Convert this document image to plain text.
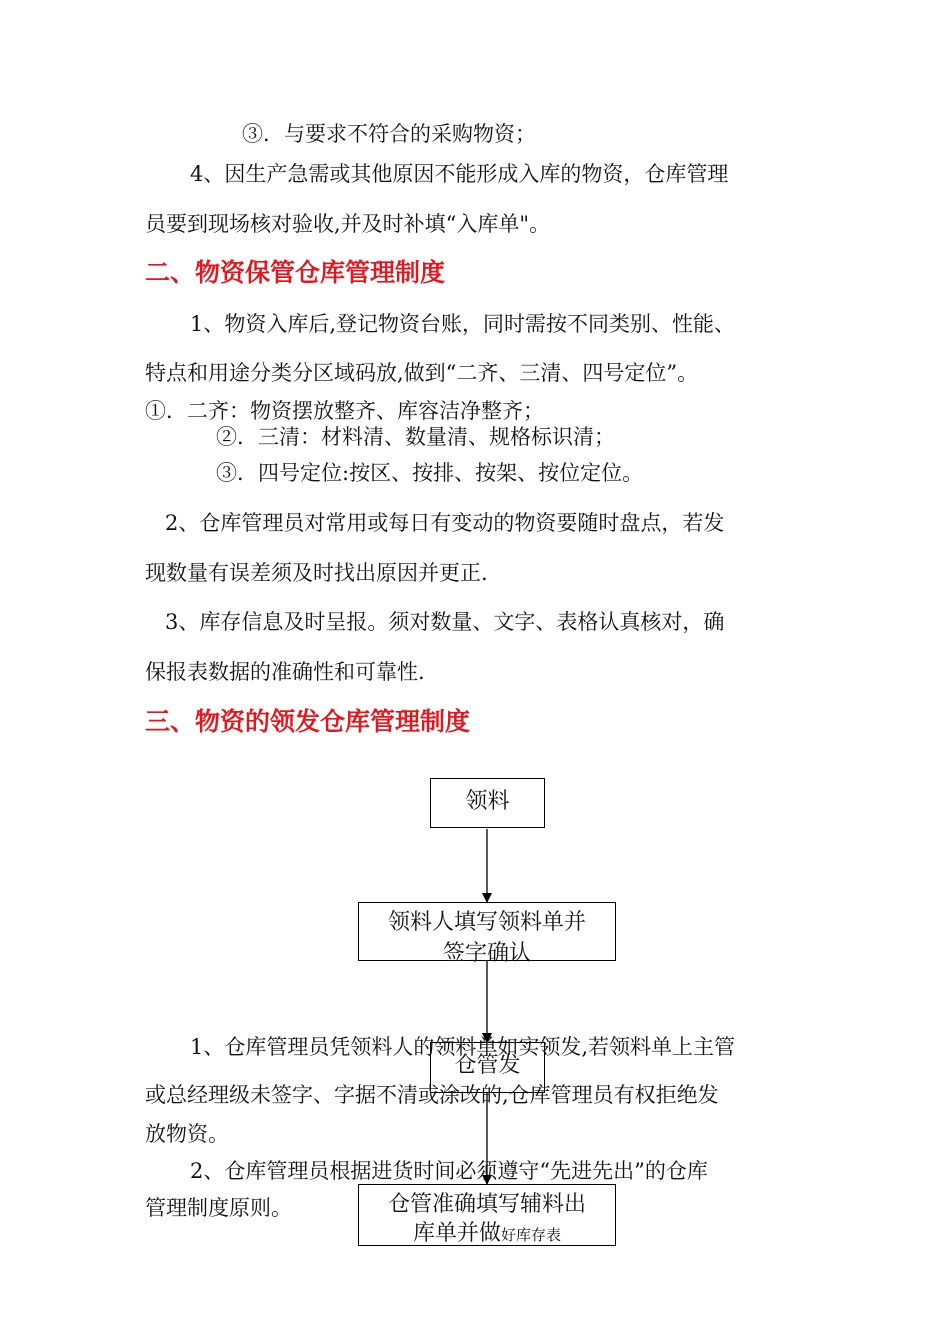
③．与要求不符合的采购物资；
4、因生产急需或其他原因不能形成入库的物资，仓库管理
员要到现场核对验收,并及时补填“入库单"。
二、物资保管仓库管理制度
1、物资入库后,登记物资台账，同时需按不同类别、性能、
特点和用途分类分区域码放,做到“二齐、三清、四号定位”。
①．二齐：物资摆放整齐、库容洁净整齐；
②．三清：材料清、数量清、规格标识清；
③．四号定位:按区、按排、按架、按位定位。
2、仓库管理员对常用或每日有变动的物资要随时盘点，若发
现数量有误差须及时找出原因并更正.
3、库存信息及时呈报。须对数量、文字、表格认真核对，确
保报表数据的准确性和可靠性.
三、物资的领发仓库管理制度
领料
领料人填写领料单并
签字确认
仓管发
仓管准确填写辅料出
库单并做好库存表
1、仓库管理员凭领料人的领料单如实领发,若领料单上主管
或总经理级未签字、字据不清或涂改的,仓库管理员有权拒绝发
放物资。
2、仓库管理员根据进货时间必须遵守“先进先出”的仓库
管理制度原则。
